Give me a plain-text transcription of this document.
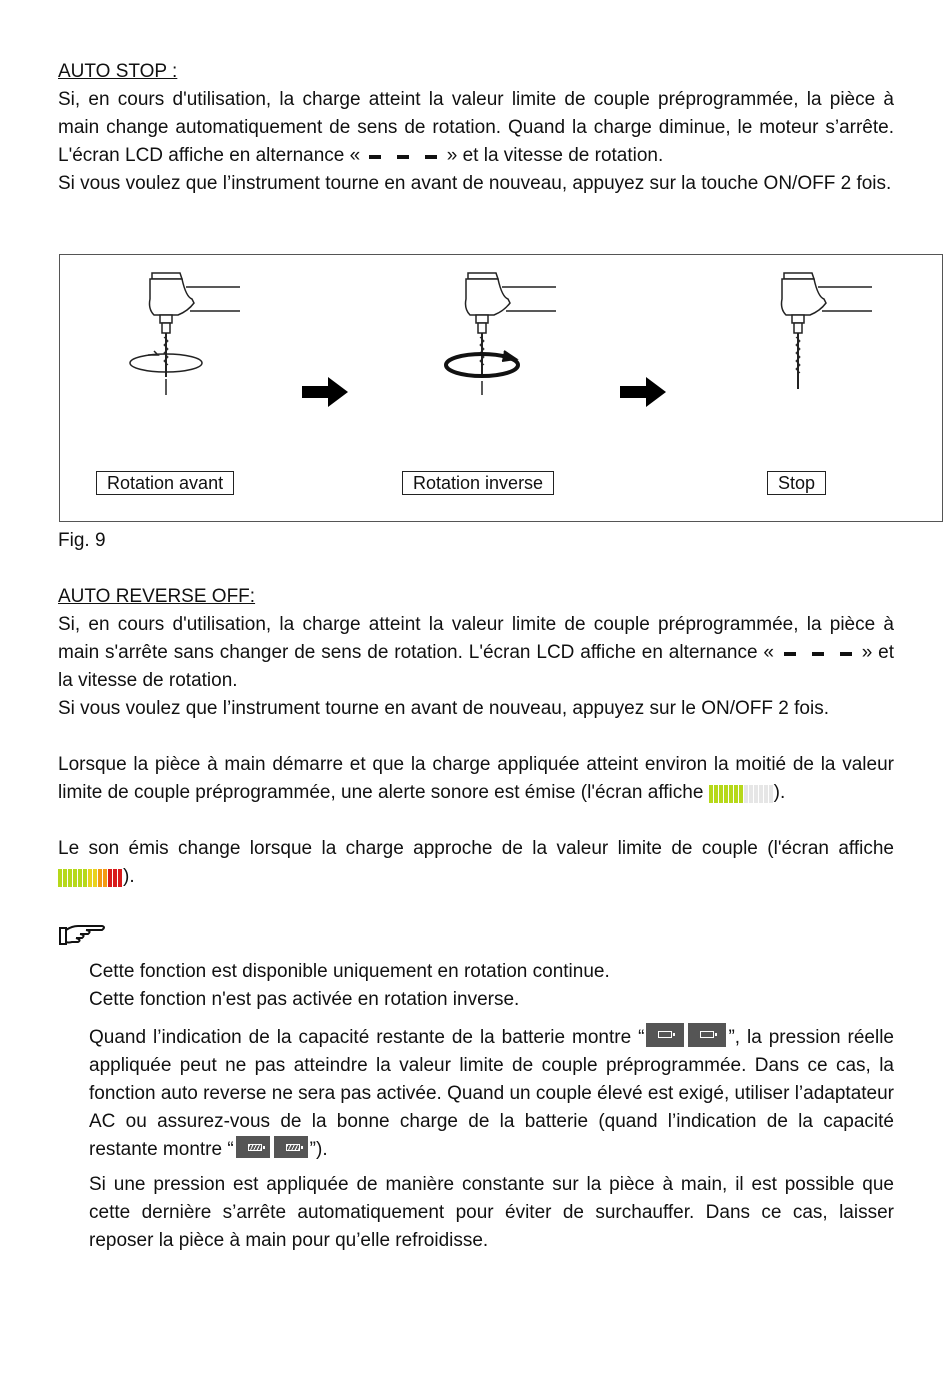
AUTO STOP :

Si, en cours d'utilisation, la charge atteint la valeur limite de couple préprogrammée, la pièce à main change automatiquement de sens de rotation. Quand la charge diminue, le moteur s’arrête. L'écran LCD affiche en alternance «	» et la vitesse de rotation.

Si vous voulez que l’instrument tourne en avant de nouveau, appuyez sur la touche ON/OFF 2 fois.

Rotation avant	Rotation inverse	Stop

Fig. 9

AUTO REVERSE OFF:

Si, en cours d'utilisation, la charge atteint la valeur limite de couple préprogrammée, la pièce à main s'arrête sans changer de sens de rotation. L'écran LCD affiche en alternance «	» et la vitesse de rotation.

Si vous voulez que l’instrument tourne en avant de nouveau, appuyez sur le ON/OFF 2 fois.

Lorsque la pièce à main démarre et que la charge appliquée atteint environ la moitié de la valeur limite de couple préprogrammée, une alerte sonore est émise (l'écran affiche	).

Le son émis change lorsque la charge approche de la valeur limite de couple (l'écran affiche ).

Cette fonction est disponible uniquement en rotation continue.

Cette fonction n'est pas activée en rotation inverse.

Quand l’indication de la capacité restante de la batterie montre “	”, la pression réelle appliquée peut ne pas atteindre la valeur limite de couple préprogrammée. Dans ce cas, la fonction auto reverse ne sera pas activée. Quand un couple élevé est exigé, utiliser l’adaptateur AC ou assurez-vous de la bonne charge de la batterie (quand l’indication de la capacité restante montre “	”).

Si une pression est appliquée de manière constante sur la pièce à main, il est possible que cette dernière s’arrête automatiquement pour éviter de surchauffer. Dans ce cas, laisser reposer la pièce à main pour qu’elle refroidisse.
